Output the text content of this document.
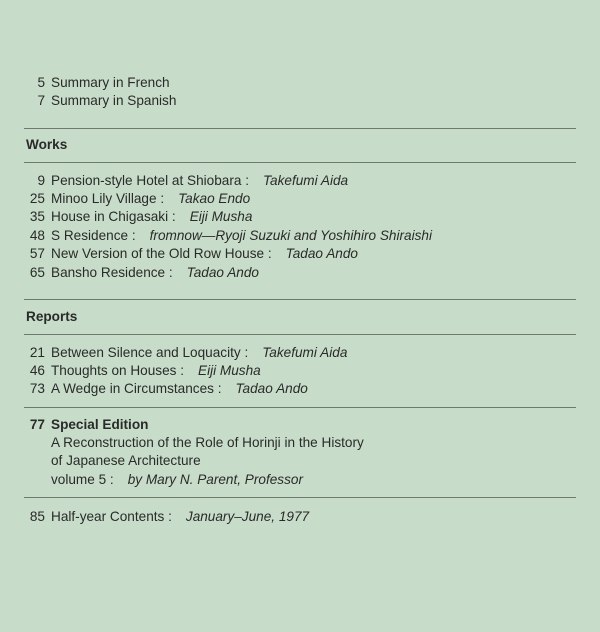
5 Summary in French
7 Summary in Spanish
Works
9 Pension-style Hotel at Shiobara : Takefumi Aida
25 Minoo Lily Village : Takao Endo
35 House in Chigasaki : Eiji Musha
48 S Residence : fromnow—Ryoji Suzuki and Yoshihiro Shiraishi
57 New Version of the Old Row House : Tadao Ando
65 Bansho Residence : Tadao Ando
Reports
21 Between Silence and Loquacity : Takefumi Aida
46 Thoughts on Houses : Eiji Musha
73 A Wedge in Circumstances : Tadao Ando
77 Special Edition
A Reconstruction of the Role of Horinji in the History
of Japanese Architecture
volume 5 : by Mary N. Parent, Professor
85 Half-year Contents : January–June, 1977
